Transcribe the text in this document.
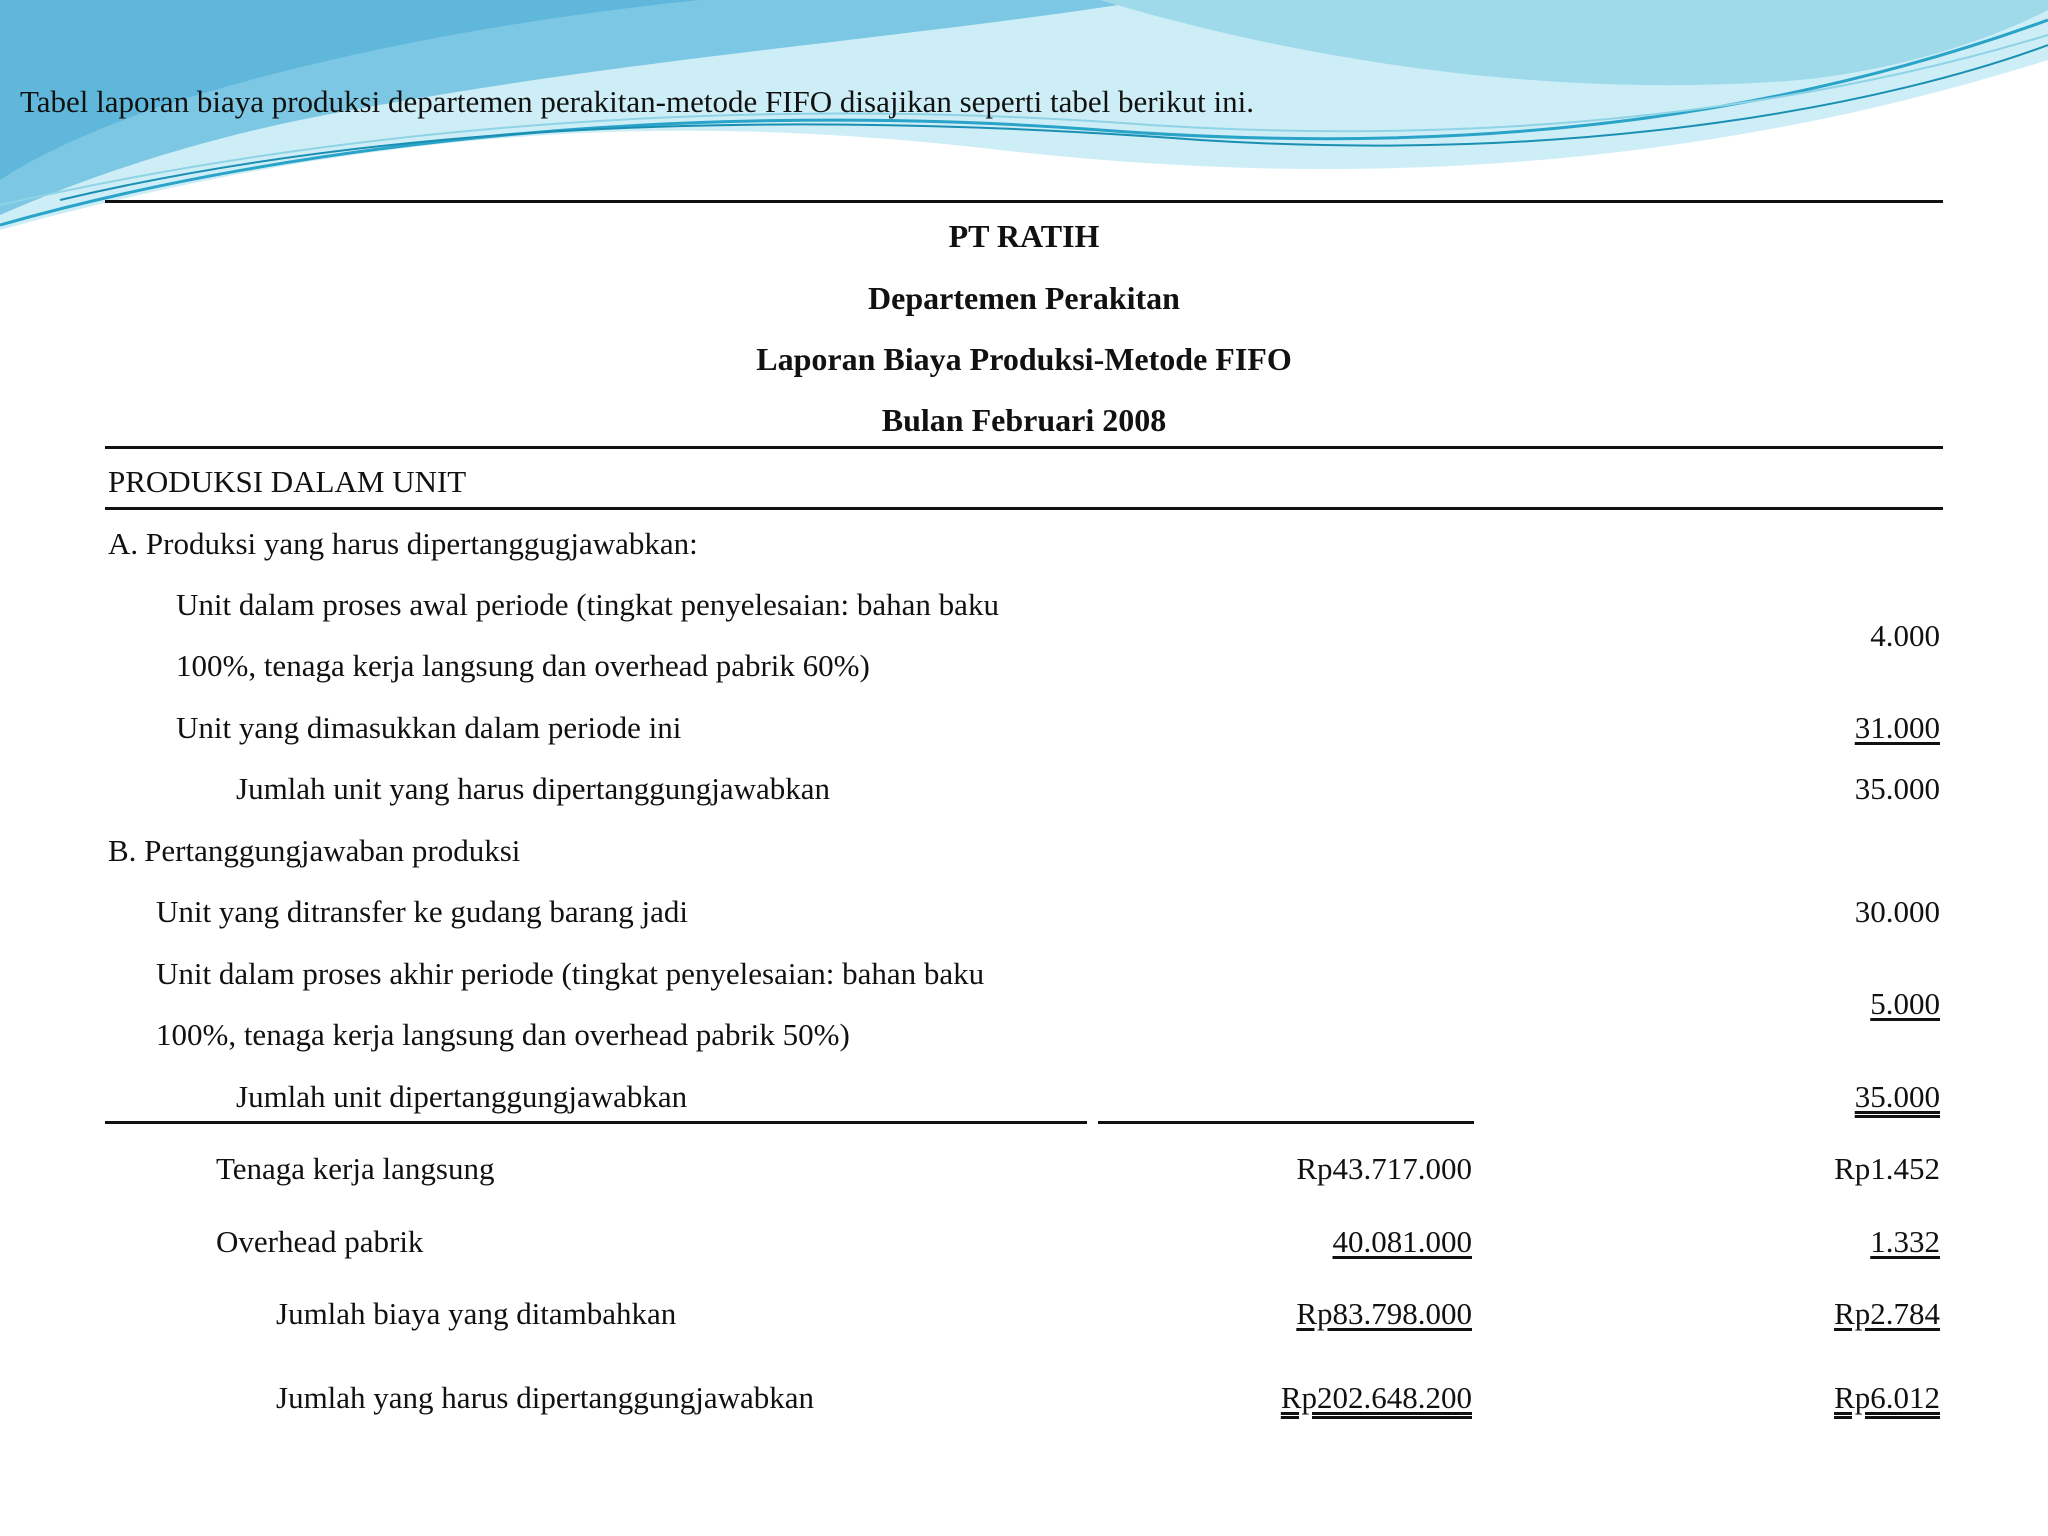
Tabel laporan biaya produksi departemen perakitan-metode FIFO disajikan seperti tabel berikut ini.

PT RATIH
Departemen Perakitan
Laporan Biaya Produksi-Metode FIFO
Bulan Februari 2008
PRODUKSI DALAM UNIT
A. Produksi yang harus dipertanggugjawabkan:
Unit dalam proses awal periode (tingkat penyelesaian: bahan baku
100%, tenaga kerja langsung dan overhead pabrik 60%)
4.000
Unit yang dimasukkan dalam periode ini	31.000
Jumlah unit yang harus dipertanggungjawabkan	35.000
B. Pertanggungjawaban produksi
Unit yang ditransfer ke gudang barang jadi	30.000
Unit dalam proses akhir periode (tingkat penyelesaian: bahan baku
100%, tenaga kerja langsung dan overhead pabrik 50%)
5.000
Jumlah unit dipertanggungjawabkan	35.000
Tenaga kerja langsung	Rp43.717.000	Rp1.452
Overhead pabrik	40.081.000	1.332
Jumlah biaya yang ditambahkan	Rp83.798.000	Rp2.784
Jumlah yang harus dipertanggungjawabkan	Rp202.648.200	Rp6.012
